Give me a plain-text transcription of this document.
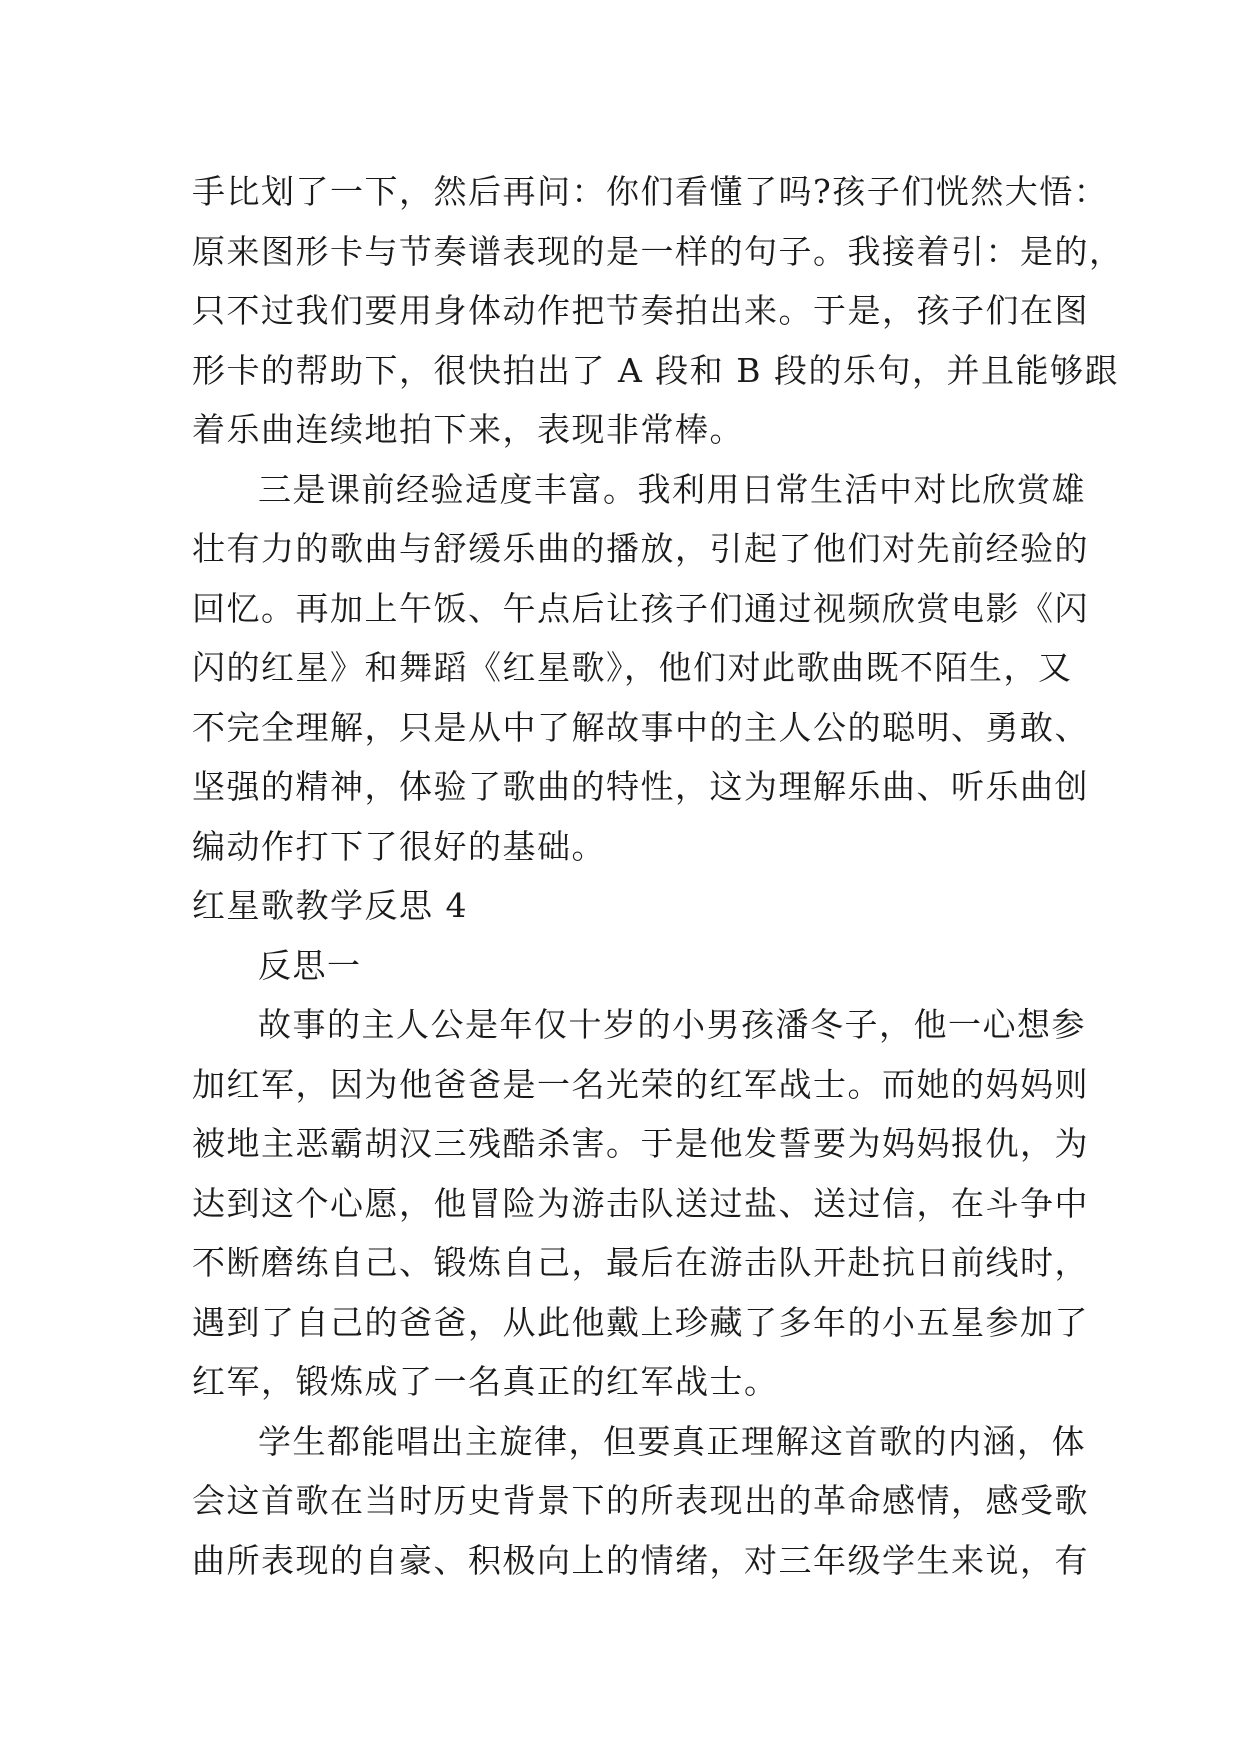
手比划了一下，然后再问：你们看懂了吗?孩子们恍然大悟：
原来图形卡与节奏谱表现的是一样的句子。我接着引：是的，
只不过我们要用身体动作把节奏拍出来。于是，孩子们在图
形卡的帮助下，很快拍出了 A 段和 B 段的乐句，并且能够跟
着乐曲连续地拍下来，表现非常棒。
三是课前经验适度丰富。我利用日常生活中对比欣赏雄
壮有力的歌曲与舒缓乐曲的播放，引起了他们对先前经验的
回忆。再加上午饭、午点后让孩子们通过视频欣赏电影《闪
闪的红星》和舞蹈《红星歌》，他们对此歌曲既不陌生，又
不完全理解，只是从中了解故事中的主人公的聪明、勇敢、
坚强的精神，体验了歌曲的特性，这为理解乐曲、听乐曲创
编动作打下了很好的基础。
红星歌教学反思 4
反思一
故事的主人公是年仅十岁的小男孩潘冬子，他一心想参
加红军，因为他爸爸是一名光荣的红军战士。而她的妈妈则
被地主恶霸胡汉三残酷杀害。于是他发誓要为妈妈报仇，为
达到这个心愿，他冒险为游击队送过盐、送过信，在斗争中
不断磨练自己、锻炼自己，最后在游击队开赴抗日前线时，
遇到了自己的爸爸，从此他戴上珍藏了多年的小五星参加了
红军，锻炼成了一名真正的红军战士。
学生都能唱出主旋律，但要真正理解这首歌的内涵，体
会这首歌在当时历史背景下的所表现出的革命感情，感受歌
曲所表现的自豪、积极向上的情绪，对三年级学生来说，有
